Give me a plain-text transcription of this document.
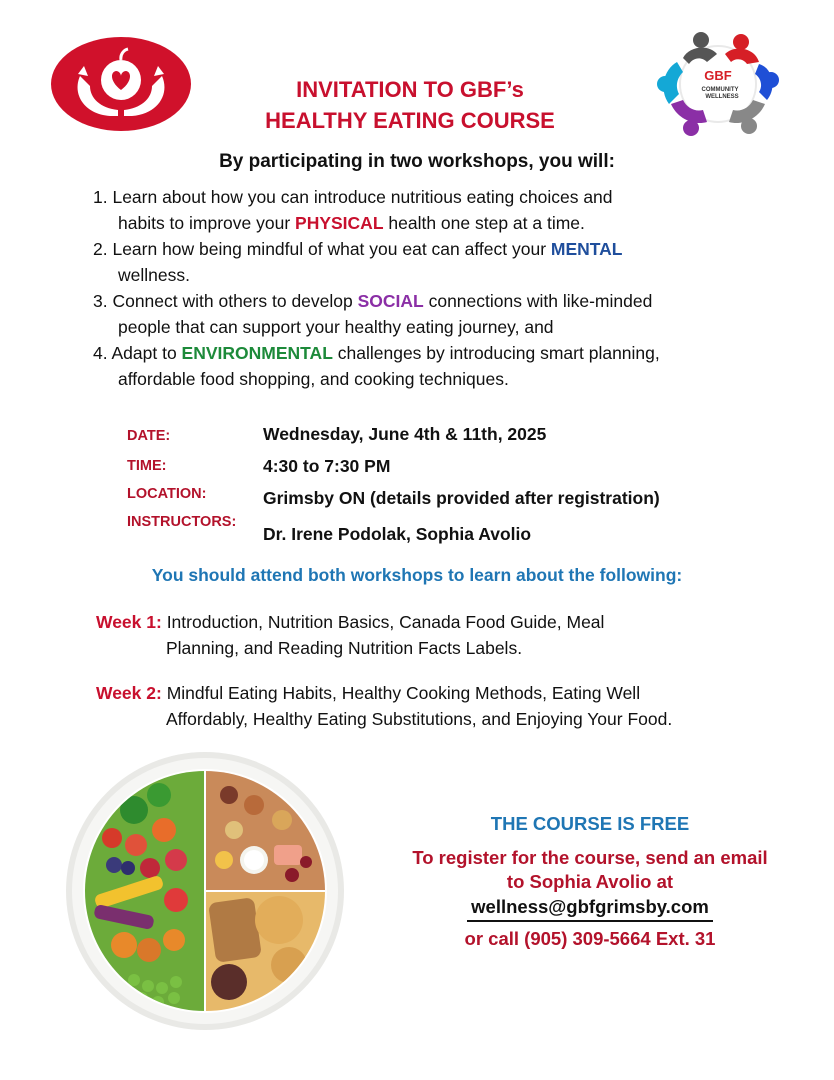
GBF
COMMUNITY
WELLNESS
INVITATION TO GBF’s
HEALTHY EATING COURSE
By participating in two workshops, you will:
1. Learn about how you can introduce nutritious eating choices and
habits to improve your PHYSICAL health one step at a time.
2. Learn how being mindful of what you eat can affect your MENTAL
wellness.
3. Connect with others to develop SOCIAL connections with like-minded
people that can support your healthy eating journey, and
4. Adapt to ENVIRONMENTAL challenges by introducing smart planning,
affordable food shopping, and cooking techniques.
DATE:	Wednesday, June 4th & 11th, 2025
TIME:	4:30 to 7:30 PM
LOCATION:	Grimsby ON (details provided after registration)
INSTRUCTORS:
Dr. Irene Podolak, Sophia Avolio
You should attend both workshops to learn about the following:
Week 1: Introduction, Nutrition Basics, Canada Food Guide, Meal
Planning, and Reading Nutrition Facts Labels.
Week 2: Mindful Eating Habits, Healthy Cooking Methods, Eating Well
Affordably, Healthy Eating Substitutions, and Enjoying Your Food.
THE COURSE IS FREE
To register for the course, send an email
to Sophia Avolio at
wellness@gbfgrimsby.com
or call (905) 309-5664 Ext. 31
